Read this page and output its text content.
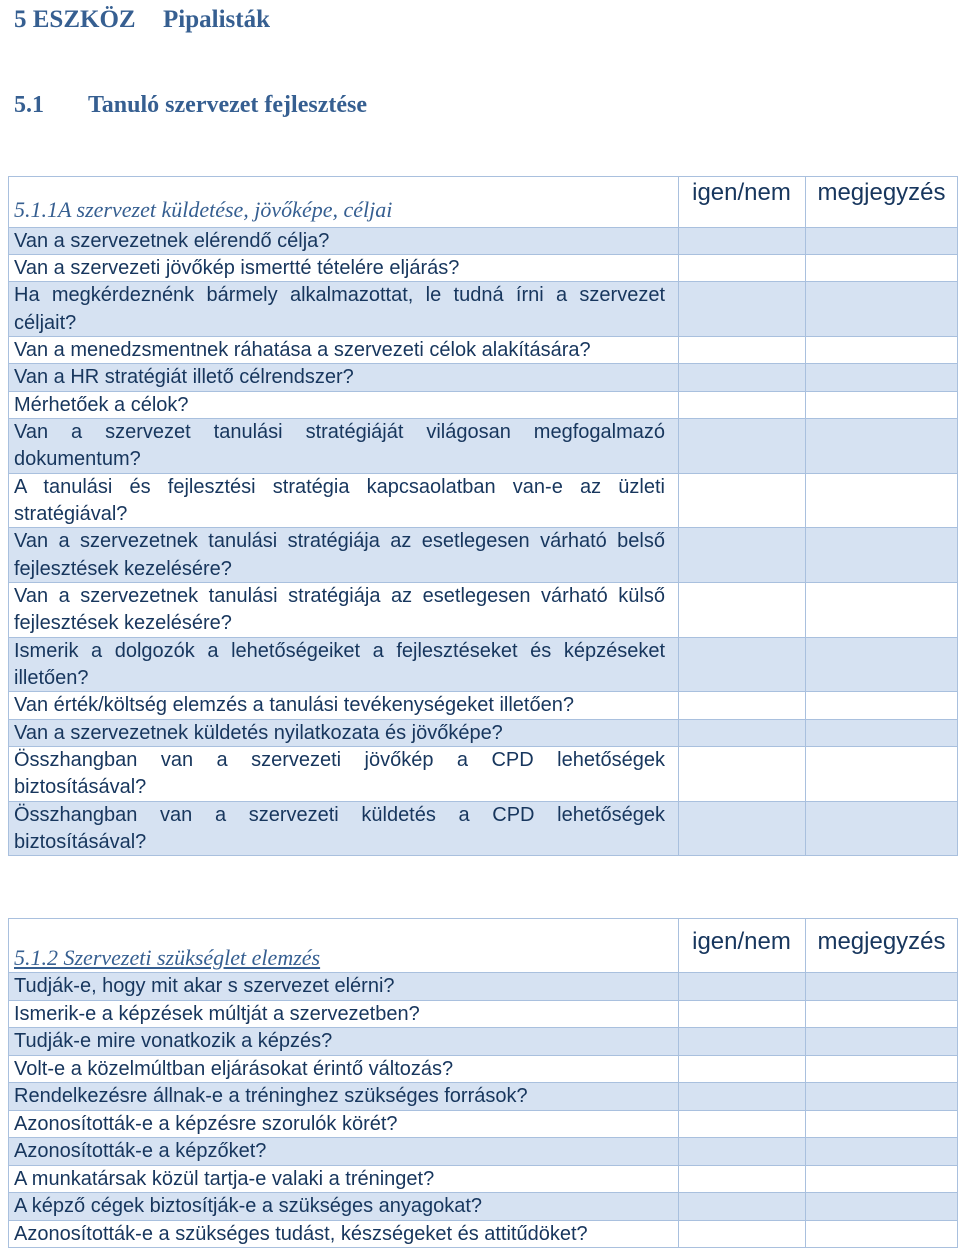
5 ESZKÖZ Pipalisták
5.1 Tanuló szervezet fejlesztése
5.1.1A szervezet küldetése, jövőképe, céljai
igen/nem	megjegyzés
Van a szervezetnek elérendő célja?
Van a szervezeti jövőkép ismertté tételére eljárás?
Ha megkérdeznénk bármely alkalmazottat, le tudná írni a szervezet
céljait?
Van a menedzsmentnek ráhatása a szervezeti célok alakítására?
Van a HR stratégiát illető célrendszer?
Mérhetőek a célok?
Van a szervezet tanulási stratégiáját világosan megfogalmazó
dokumentum?
A tanulási és fejlesztési stratégia kapcsaolatban van-e az üzleti
stratégiával?
Van a szervezetnek tanulási stratégiája az esetlegesen várható belső
fejlesztések kezelésére?
Van a szervezetnek tanulási stratégiája az esetlegesen várható külső
fejlesztések kezelésére?
Ismerik a dolgozók a lehetőségeiket a fejlesztéseket és képzéseket
illetően?
Van érték/költség elemzés a tanulási tevékenységeket illetően?
Van a szervezetnek küldetés nyilatkozata és jövőképe?
Összhangban van a szervezeti jövőkép a CPD lehetőségek
biztosításával?
Összhangban van a szervezeti küldetés a CPD lehetőségek
biztosításával?
5.1.2 Szervezeti szükséglet elemzés
igen/nem	megjegyzés
Tudják-e, hogy mit akar s szervezet elérni?
Ismerik-e a képzések múltját a szervezetben?
Tudják-e mire vonatkozik a képzés?
Volt-e a közelmúltban eljárásokat érintő változás?
Rendelkezésre állnak-e a tréninghez szükséges források?
Azonosították-e a képzésre szorulók körét?
Azonosították-e a képzőket?
A munkatársak közül tartja-e valaki a tréninget?
A képző cégek biztosítják-e a szükséges anyagokat?
Azonosították-e a szükséges tudást, készségeket és attitűdöket?
